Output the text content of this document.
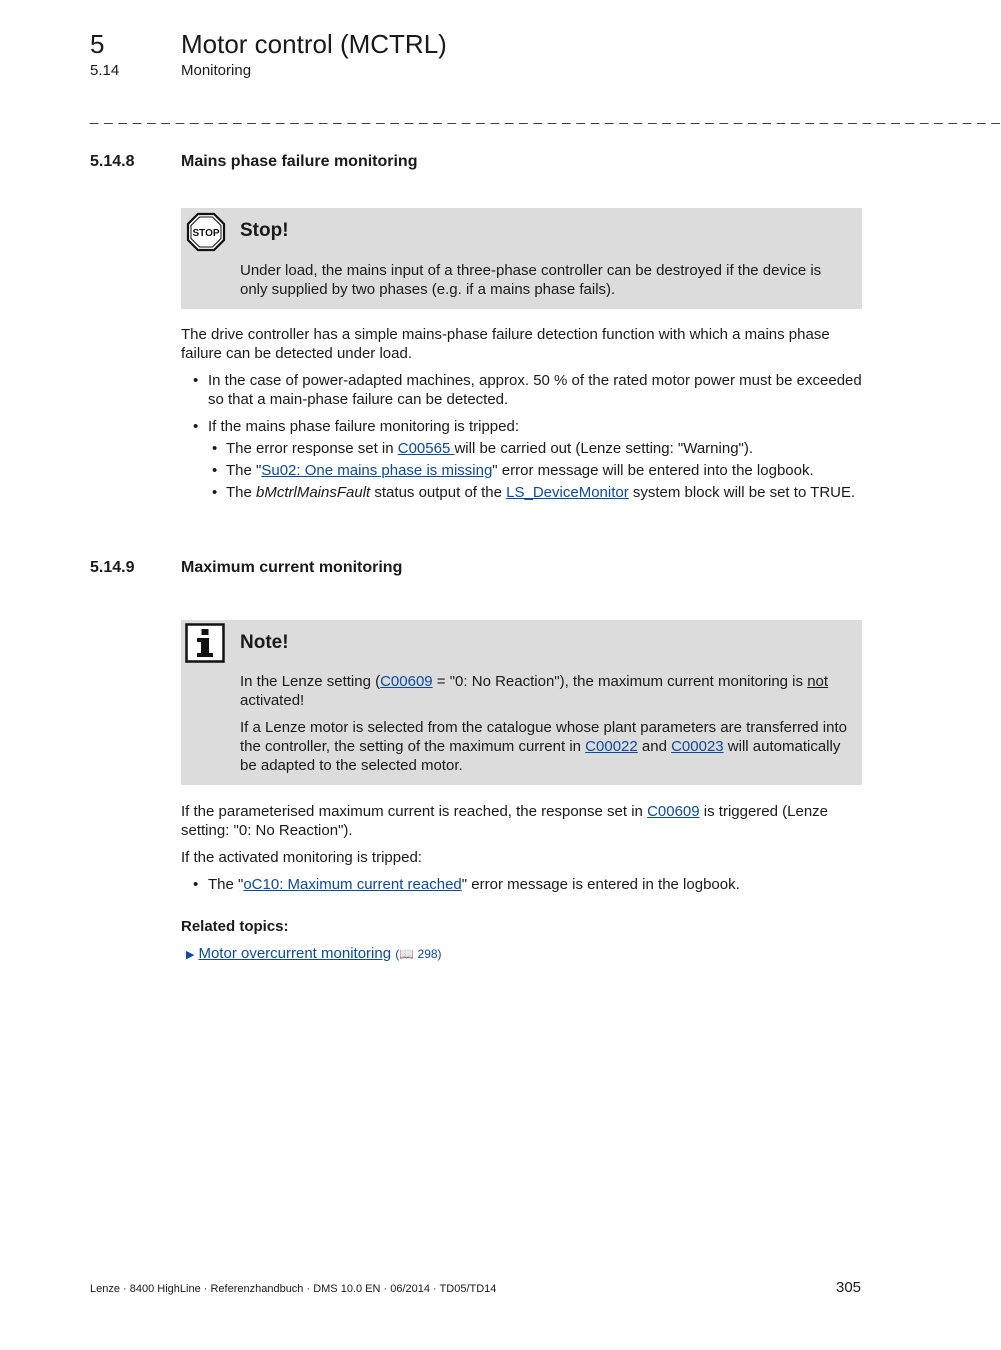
5	Motor control (MCTRL)
5.14	Monitoring
_ _ _ _ _ _ _ _ _ _ _ _ _ _ _ _ _ _ _ _ _ _ _ _ _ _ _ _ _ _ _ _ _ _ _ _ _ _ _ _ _ _ _ _ _ _ _ _ _ _ _ _ _ _ _ _ _ _ _ _ _ _ _ _
5.14.8	Mains phase failure monitoring
STOP Stop!
Under load, the mains input of a three-phase controller can be destroyed if the device is only supplied by two phases (e.g. if a mains phase fails).

The drive controller has a simple mains-phase failure detection function with which a mains phase failure can be detected under load.

• In the case of power-adapted machines, approx. 50 % of the rated motor power must be exceeded so that a main-phase failure can be detected.
• If the mains phase failure monitoring is tripped:
• The error response set in C00565 will be carried out (Lenze setting: "Warning").
• The "Su02: One mains phase is missing" error message will be entered into the logbook.
• The bMctrlMainsFault status output of the LS_DeviceMonitor system block will be set to TRUE.
5.14.9	Maximum current monitoring
Note!

In the Lenze setting (C00609 = "0: No Reaction"), the maximum current monitoring is not activated!

If a Lenze motor is selected from the catalogue whose plant parameters are transferred into the controller, the setting of the maximum current in C00022 and C00023 will automatically be adapted to the selected motor.

If the parameterised maximum current is reached, the response set in C00609 is triggered (Lenze setting: "0: No Reaction").

If the activated monitoring is tripped:

• The "oC10: Maximum current reached" error message is entered in the logbook.
Related topics:
▶ Motor overcurrent monitoring (📖 298)
Lenze · 8400 HighLine · Referenzhandbuch · DMS 10.0 EN · 06/2014 · TD05/TD14	305
